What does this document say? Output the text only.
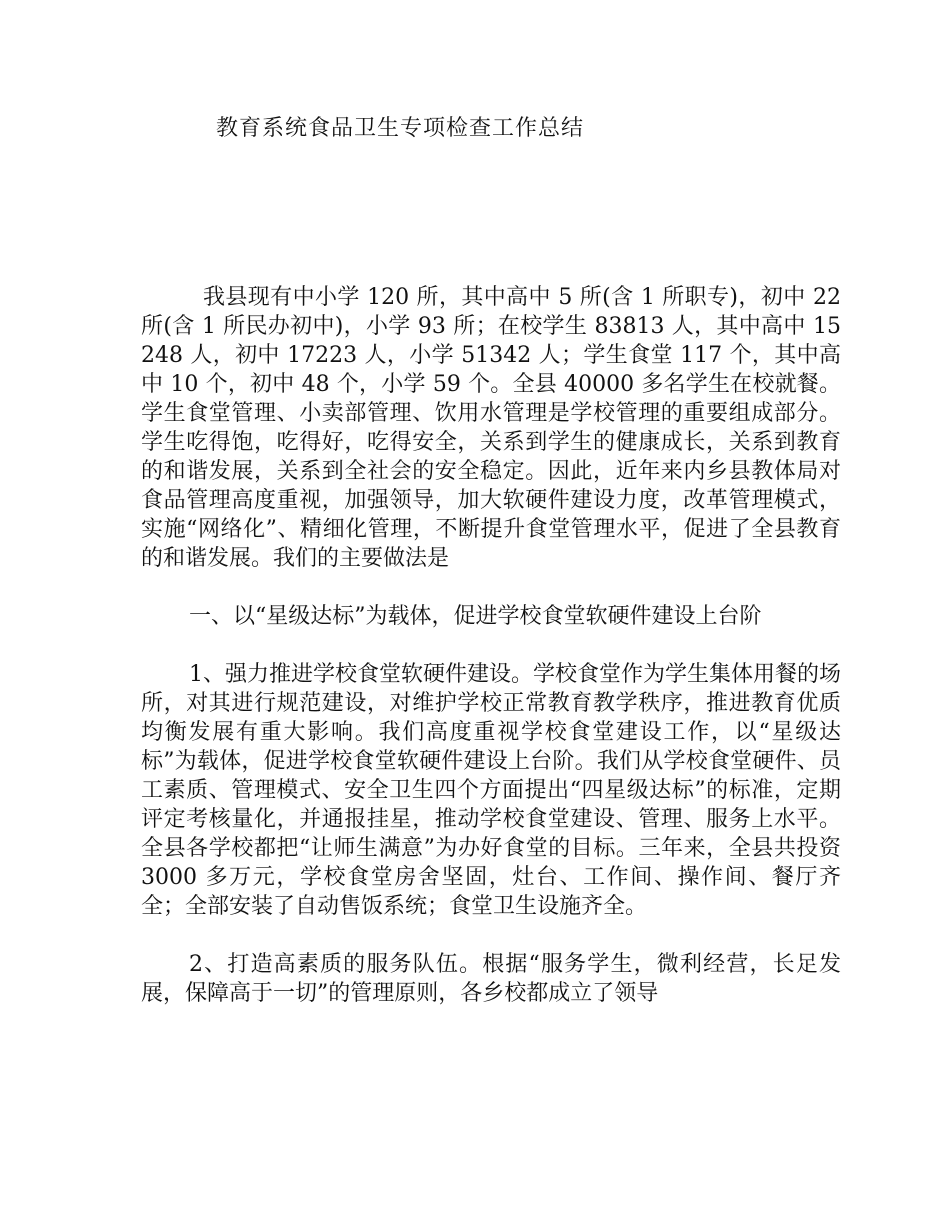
教育系统食品卫生专项检查工作总结

我县现有中小学 120 所，其中高中 5 所(含 1 所职专)，初中 22 所(含 1 所民办初中)，小学 93 所；在校学生 83813 人，其中高中 15248 人，初中 17223 人，小学 51342 人；学生食堂 117 个，其中高中 10 个，初中 48 个，小学 59 个。全县 40000 多名学生在校就餐。学生食堂管理、小卖部管理、饮用水管理是学校管理的重要组成部分。学生吃得饱，吃得好，吃得安全，关系到学生的健康成长，关系到教育的和谐发展，关系到全社会的安全稳定。因此，近年来内乡县教体局对食品管理高度重视，加强领导，加大软硬件建设力度，改革管理模式，实施“网络化”、精细化管理，不断提升食堂管理水平，促进了全县教育的和谐发展。我们的主要做法是

一、以“星级达标”为载体，促进学校食堂软硬件建设上台阶

1、强力推进学校食堂软硬件建设。学校食堂作为学生集体用餐的场所，对其进行规范建设，对维护学校正常教育教学秩序，推进教育优质均衡发展有重大影响。我们高度重视学校食堂建设工作，以“星级达标”为载体，促进学校食堂软硬件建设上台阶。我们从学校食堂硬件、员工素质、管理模式、安全卫生四个方面提出“四星级达标”的标准，定期评定考核量化，并通报挂星，推动学校食堂建设、管理、服务上水平。全县各学校都把“让师生满意”为办好食堂的目标。三年来，全县共投资 3000 多万元，学校食堂房舍坚固，灶台、工作间、操作间、餐厅齐全；全部安装了自动售饭系统；食堂卫生设施齐全。

2、打造高素质的服务队伍。根据“服务学生，微利经营，长足发展，保障高于一切”的管理原则，各乡校都成立了领导
